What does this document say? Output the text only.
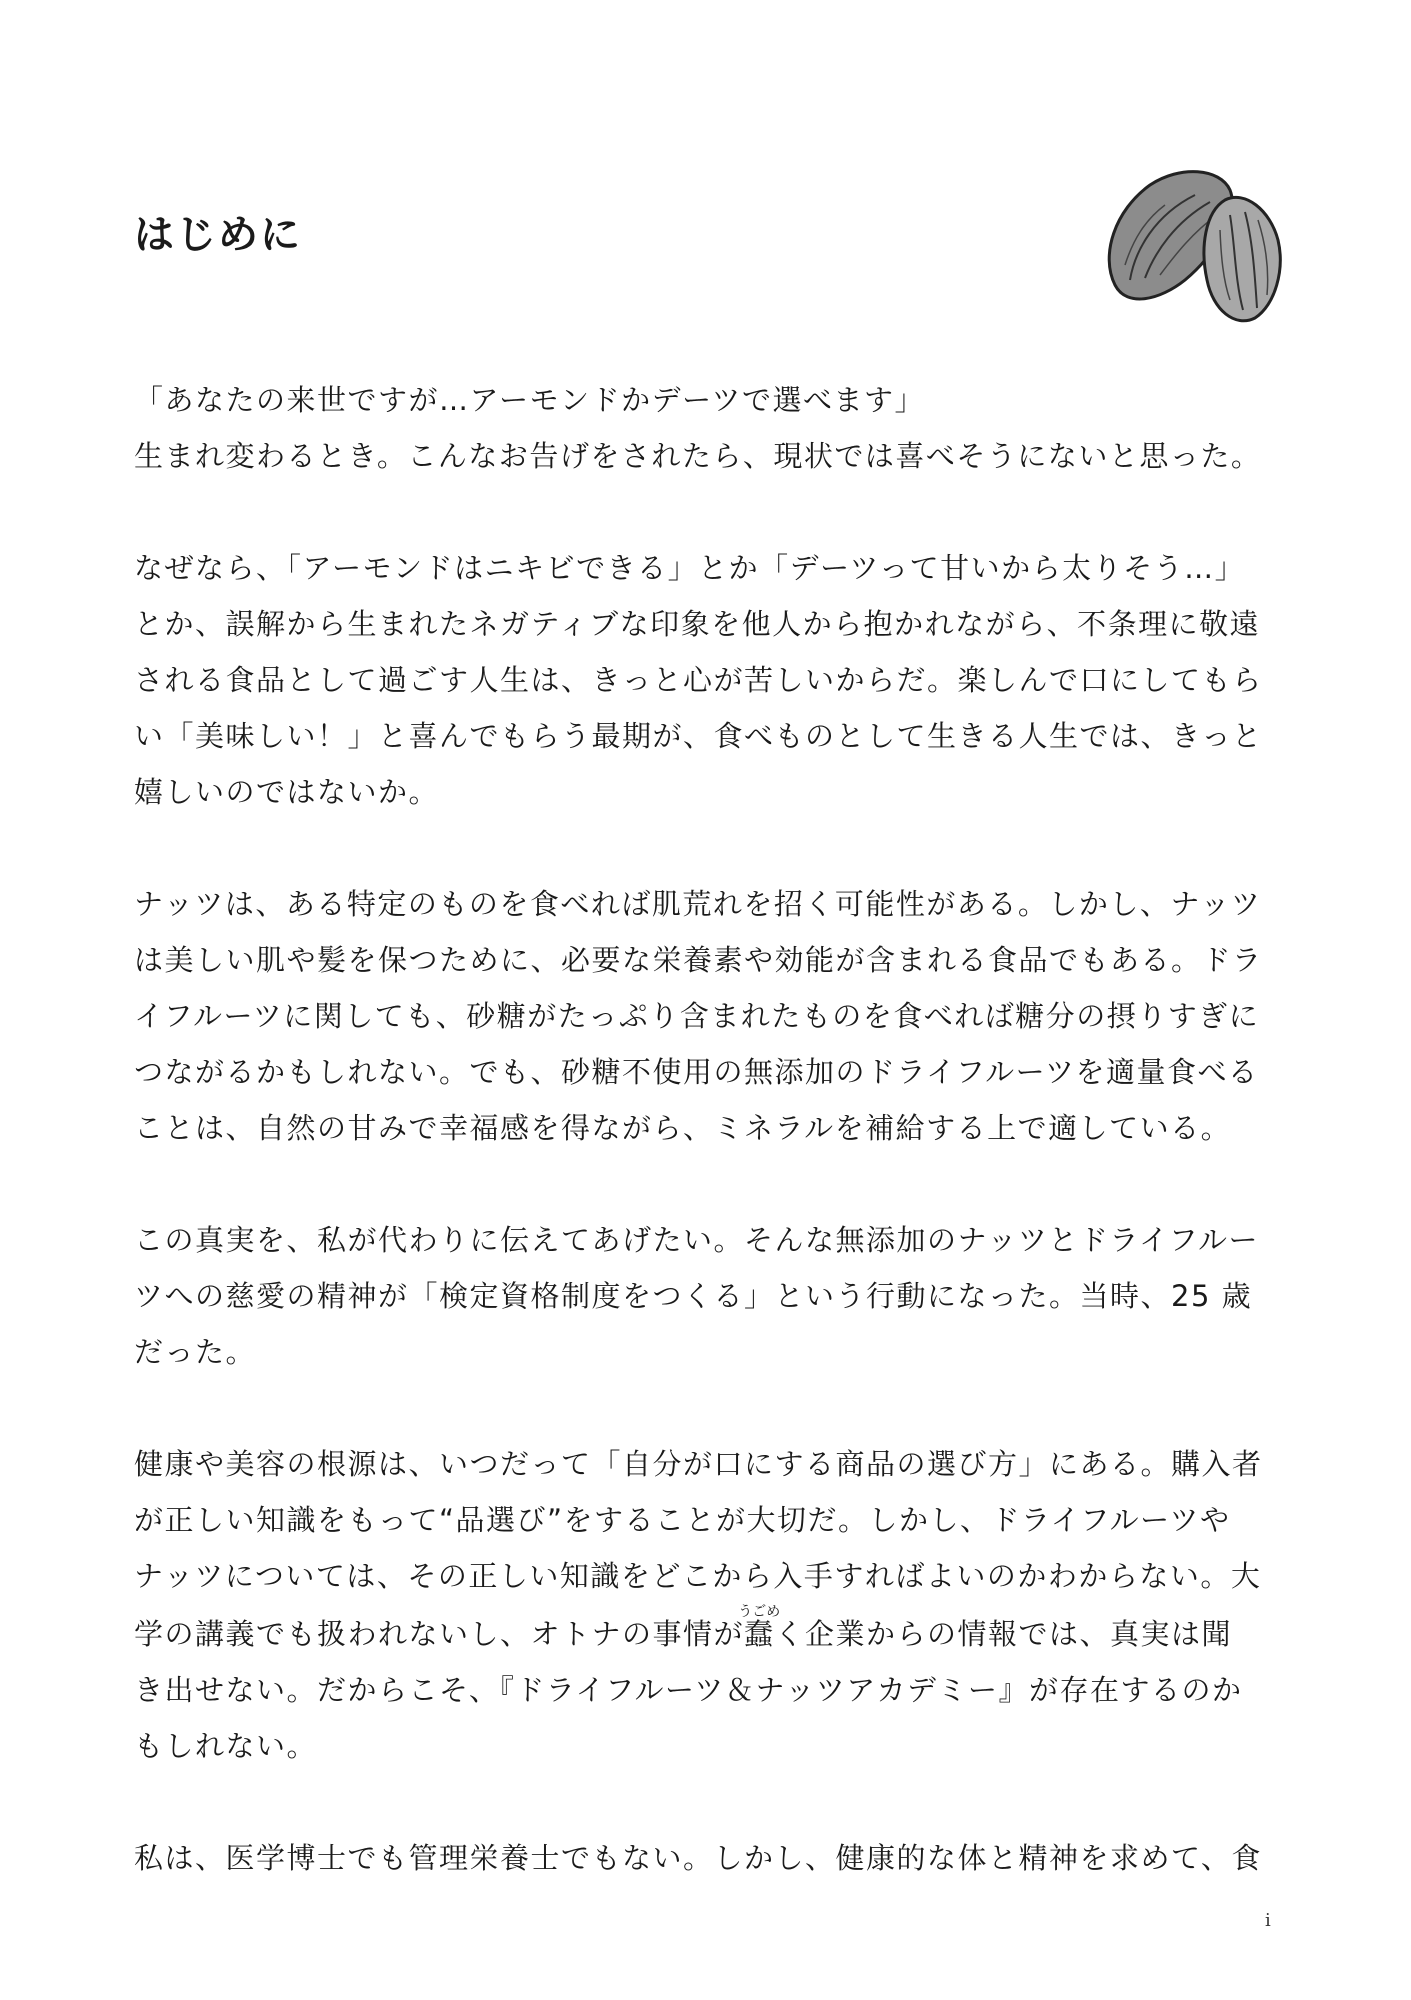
はじめに

「あなたの来世ですが…アーモンドかデーツで選べます」
生まれ変わるとき。こんなお告げをされたら、現状では喜べそうにないと思った。

なぜなら、「アーモンドはニキビできる」とか「デーツって甘いから太りそう…」
とか、誤解から生まれたネガティブな印象を他人から抱かれながら、不条理に敬遠
される食品として過ごす人生は、きっと心が苦しいからだ。楽しんで口にしてもら
い「美味しい！」と喜んでもらう最期が、食べものとして生きる人生では、きっと
嬉しいのではないか。

ナッツは、ある特定のものを食べれば肌荒れを招く可能性がある。しかし、ナッツ
は美しい肌や髪を保つために、必要な栄養素や効能が含まれる食品でもある。ドラ
イフルーツに関しても、砂糖がたっぷり含まれたものを食べれば糖分の摂りすぎに
つながるかもしれない。でも、砂糖不使用の無添加のドライフルーツを適量食べる
ことは、自然の甘みで幸福感を得ながら、ミネラルを補給する上で適している。

この真実を、私が代わりに伝えてあげたい。そんな無添加のナッツとドライフルー
ツへの慈愛の精神が「検定資格制度をつくる」という行動になった。当時、25 歳
だった。

健康や美容の根源は、いつだって「自分が口にする商品の選び方」にある。購入者
が正しい知識をもって“品選び”をすることが大切だ。しかし、ドライフルーツや
ナッツについては、その正しい知識をどこから入手すればよいのかわからない。大
学の講義でも扱われないし、オトナの事情が蠢うごめく企業からの情報では、真実は聞
き出せない。だからこそ、『ドライフルーツ＆ナッツアカデミー』が存在するのか
もしれない。

私は、医学博士でも管理栄養士でもない。しかし、健康的な体と精神を求めて、食

i
